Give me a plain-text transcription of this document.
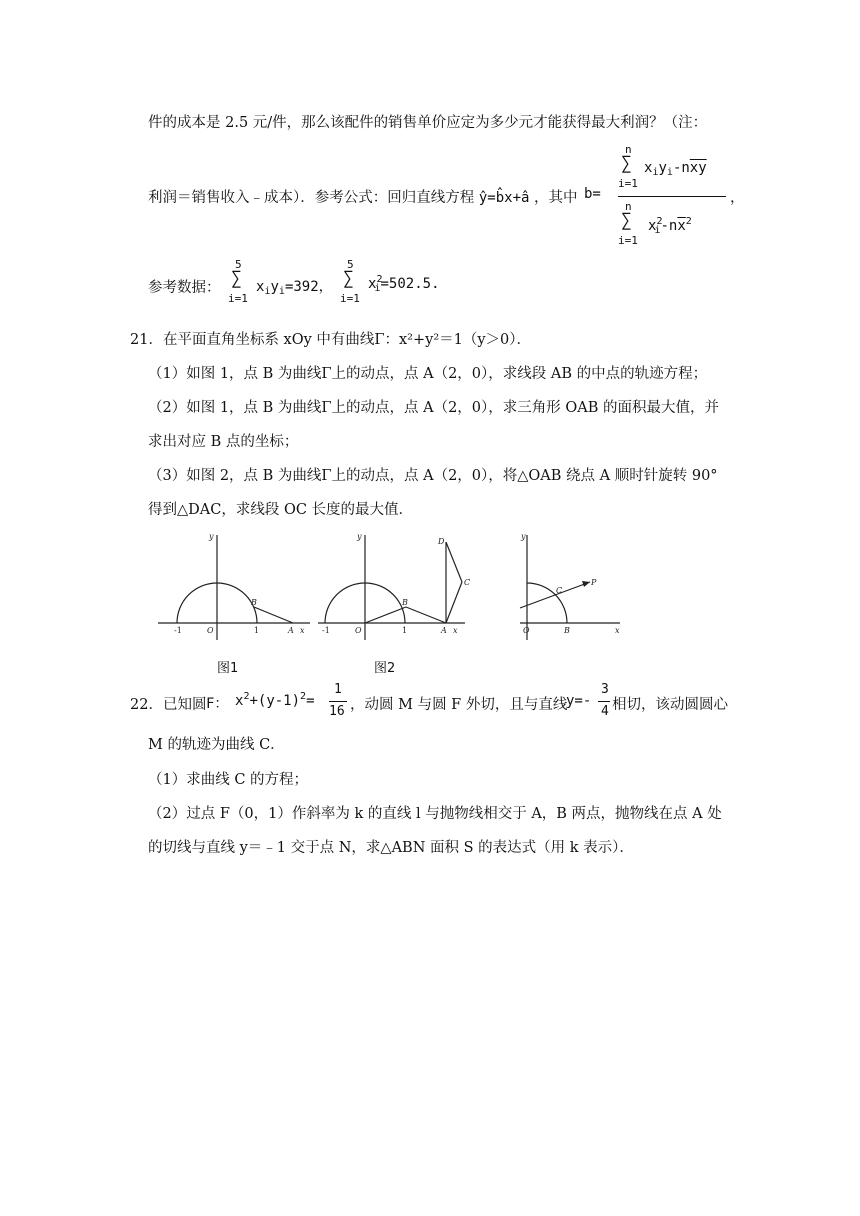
件的成本是 2.5 元/件，那么该配件的销售单价应定为多少元才能获得最大利润？（注：
利润＝销售收入﹣成本）．参考公式：回归直线方程 ŷ=b̂x+â ，其中 b=
n
∑
i=1
$x_iy_i-n\overline{xy}$
n
∑
i=1
$x^2_i-n\overline{x}^2$
，
参考数据：
5
∑
i=1
$x_iy_i=392$，
5
∑
i=1
$x^2_i=502.5$.
21．在平面直角坐标系 xOy 中有曲线Γ：x²+y²＝1（y＞0）．
（1）如图 1，点 B 为曲线Γ上的动点，点 A（2，0），求线段 AB 的中点的轨迹方程；
（2）如图 1，点 B 为曲线Γ上的动点，点 A（2，0），求三角形 OAB 的面积最大值，并
求出对应 B 点的坐标；
（3）如图 2，点 B 为曲线Γ上的动点，点 A（2，0），将△OAB 绕点 A 顺时针旋转 90°
得到△DAC，求线段 OC 长度的最大值．
y
x
O	A
B
1
-1
y
x
O	A
B
D
C
1
-1
y
x
O	B
C
P
图1	图2
22．已知圆 F： $x^2+(y-1)^2=$
1
16 ，动圆 M 与圆 F 外切，且与直线
y=-
3
4 相切，该动圆圆心
M 的轨迹为曲线 C．
（1）求曲线 C 的方程；
（2）过点 F（0，1）作斜率为 k 的直线 l 与抛物线相交于 A，B 两点，抛物线在点 A 处
的切线与直线 y＝﹣1 交于点 N，求△ABN 面积 S 的表达式（用 k 表示）．
